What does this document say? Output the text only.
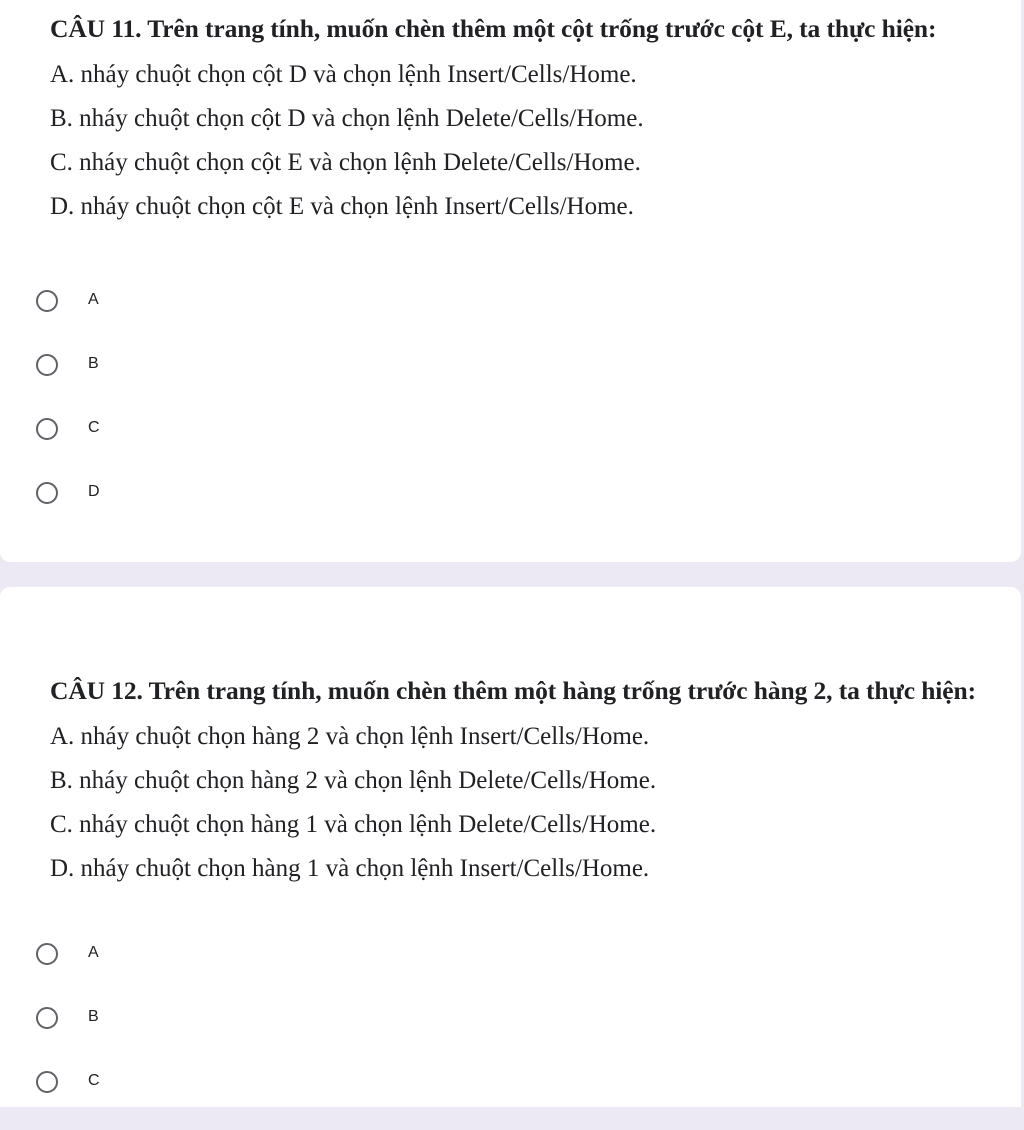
CÂU 11. Trên trang tính, muốn chèn thêm một cột trống trước cột E, ta thực hiện:
A. nháy chuột chọn cột D và chọn lệnh Insert/Cells/Home.
B. nháy chuột chọn cột D và chọn lệnh Delete/Cells/Home.
C. nháy chuột chọn cột E và chọn lệnh Delete/Cells/Home.
D. nháy chuột chọn cột E và chọn lệnh Insert/Cells/Home.
A
B
C
D
CÂU 12. Trên trang tính, muốn chèn thêm một hàng trống trước hàng 2, ta thực hiện:
A. nháy chuột chọn hàng 2 và chọn lệnh Insert/Cells/Home.
B. nháy chuột chọn hàng 2 và chọn lệnh Delete/Cells/Home.
C. nháy chuột chọn hàng 1 và chọn lệnh Delete/Cells/Home.
D. nháy chuột chọn hàng 1 và chọn lệnh Insert/Cells/Home.
A
B
C
